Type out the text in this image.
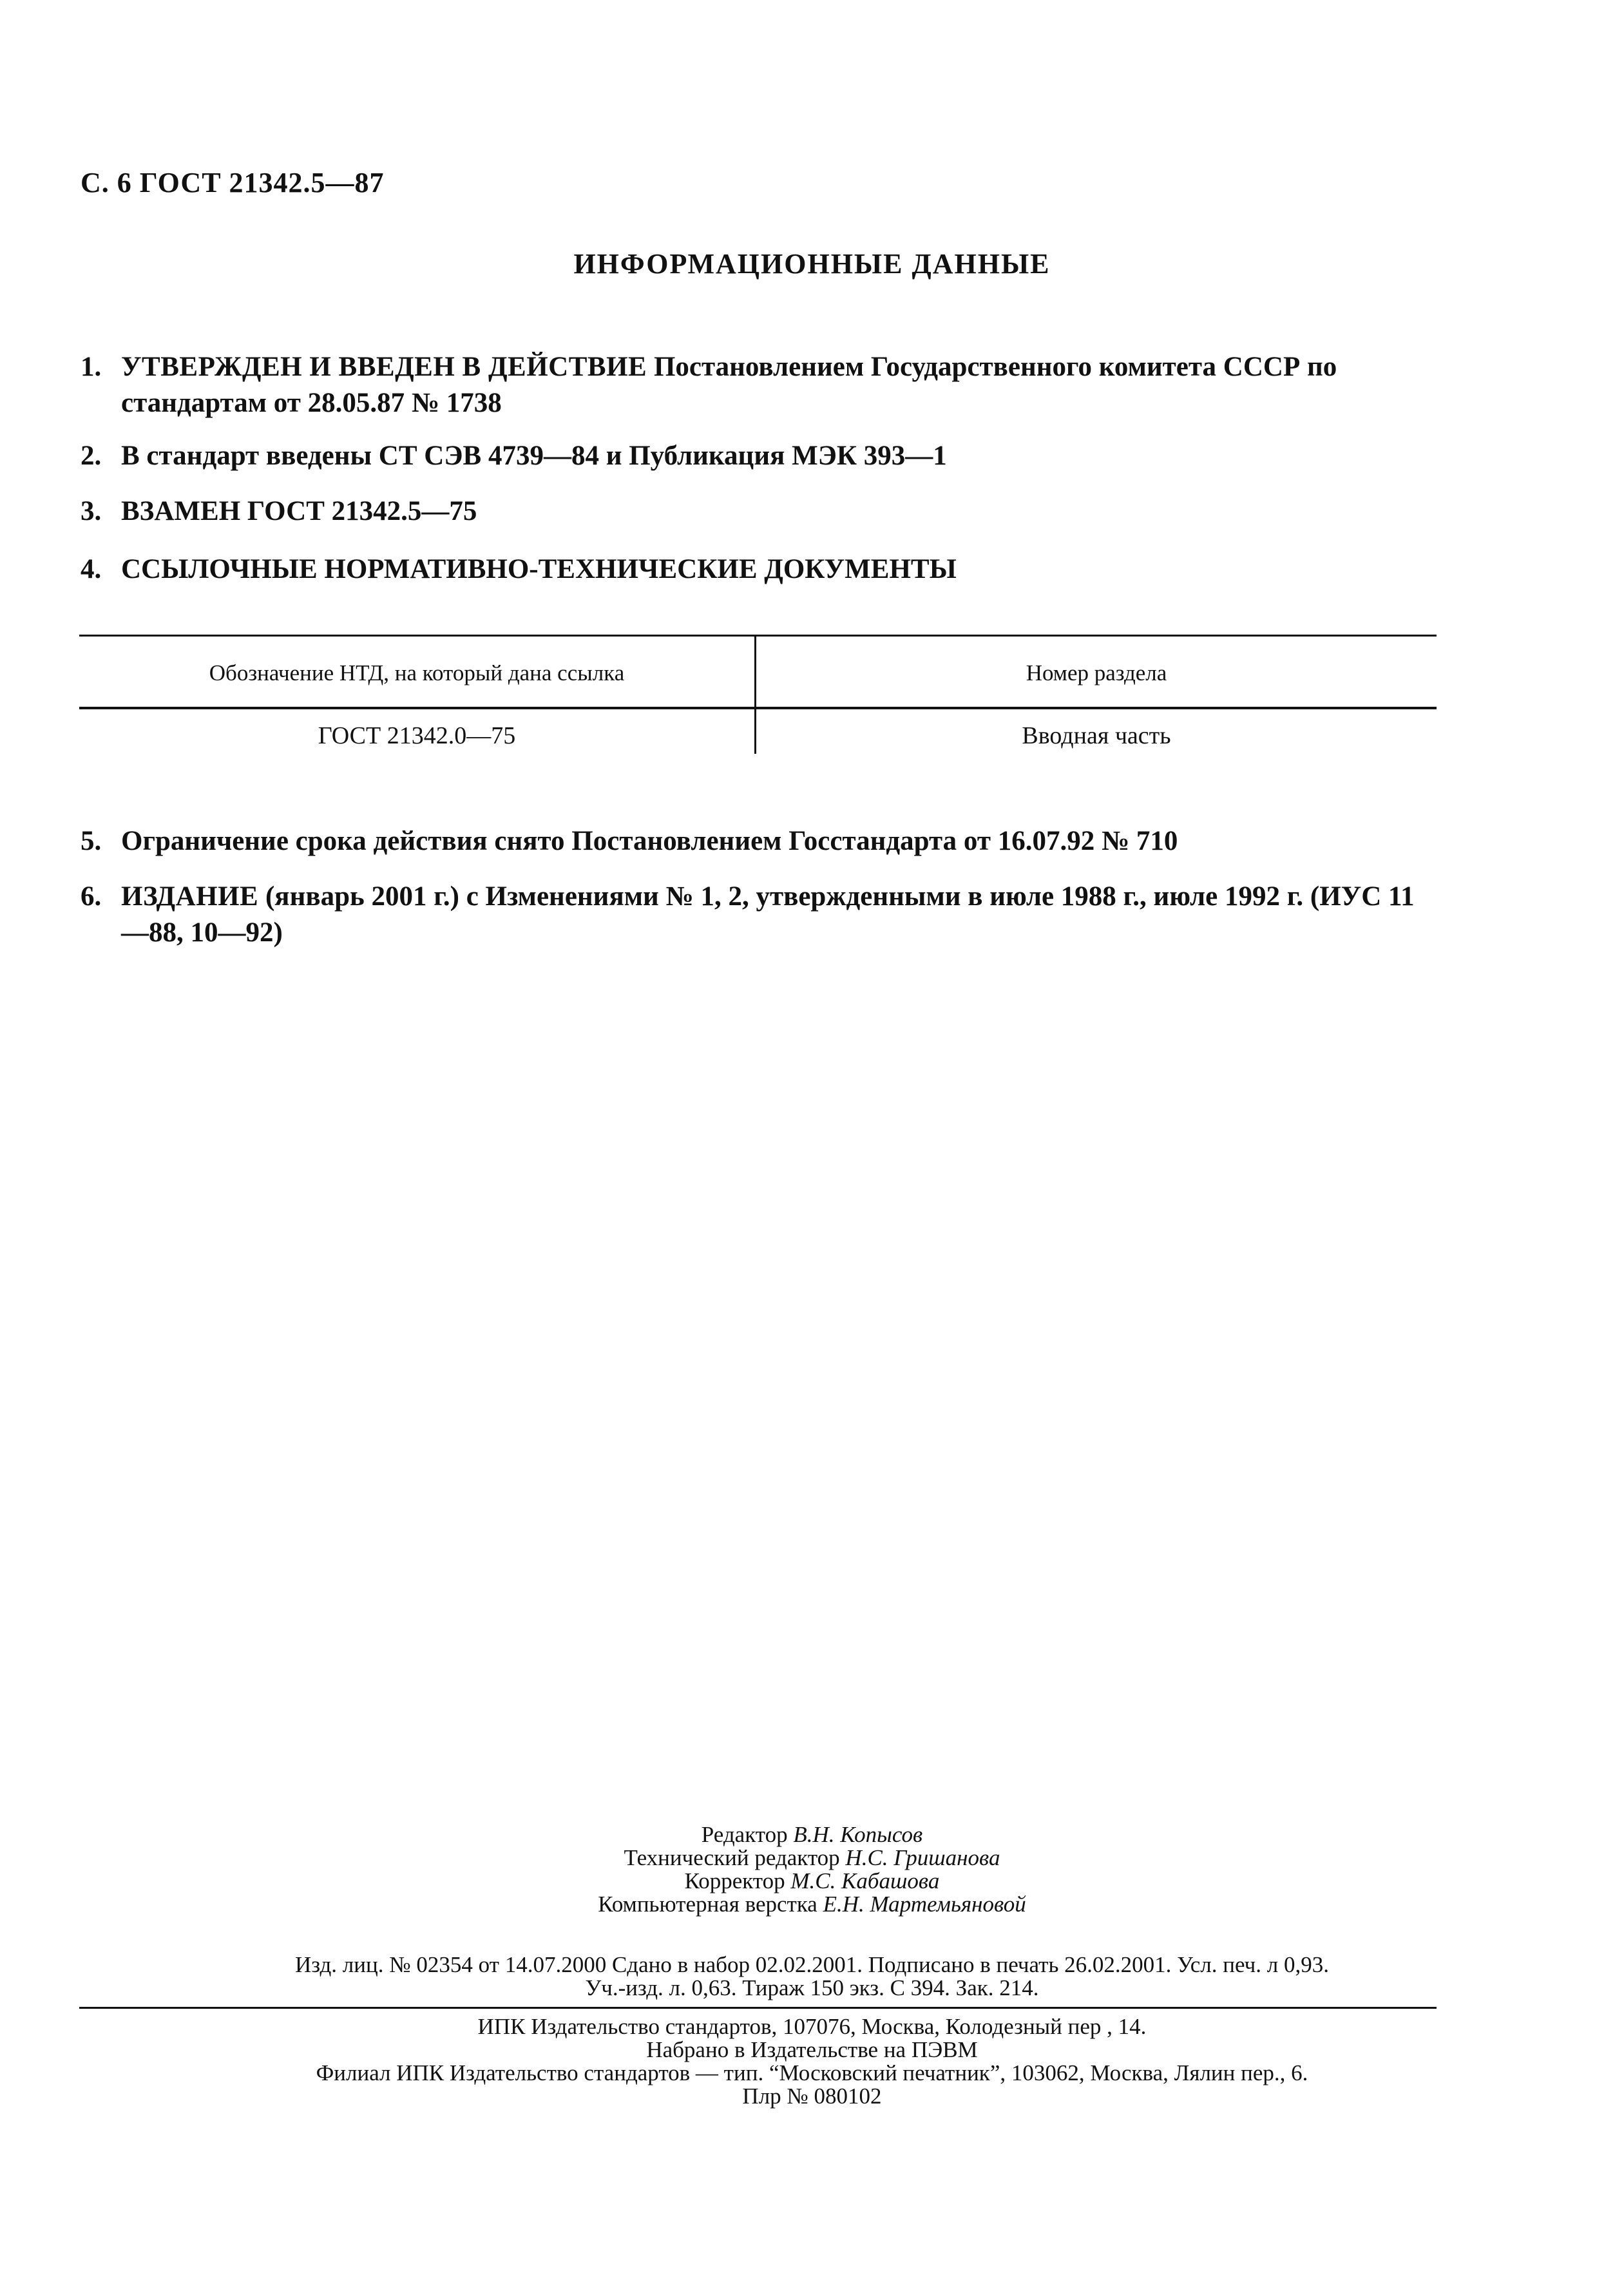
С. 6 ГОСТ 21342.5—87
ИНФОРМАЦИОННЫЕ ДАННЫЕ
1. УТВЕРЖДЕН И ВВЕДЕН В ДЕЙСТВИЕ Постановлением Государственного комитета СССР по стандартам от 28.05.87 № 1738
2. В стандарт введены СТ СЭВ 4739—84 и Публикация МЭК 393—1
3. ВЗАМЕН ГОСТ 21342.5—75
4. ССЫЛОЧНЫЕ НОРМАТИВНО-ТЕХНИЧЕСКИЕ ДОКУМЕНТЫ
Обозначение НТД, на который дана ссылка	Номер раздела
ГОСТ 21342.0—75	Вводная часть
5. Ограничение срока действия снято Постановлением Госстандарта от 16.07.92 № 710
6. ИЗДАНИЕ (январь 2001 г.) с Изменениями № 1, 2, утвержденными в июле 1988 г., июле 1992 г. (ИУС 11—88, 10—92)
Редактор В.Н. Копысов
Технический редактор Н.С. Гришанова
Корректор М.С. Кабашова
Компьютерная верстка Е.Н. Мартемьяновой
Изд. лиц. № 02354 от 14.07.2000 Сдано в набор 02.02.2001. Подписано в печать 26.02.2001. Усл. печ. л 0,93.
Уч.-изд. л. 0,63. Тираж 150 экз. С 394. Зак. 214.
ИПК Издательство стандартов, 107076, Москва, Колодезный пер , 14.
Набрано в Издательстве на ПЭВМ
Филиал ИПК Издательство стандартов — тип. “Московский печатник”, 103062, Москва, Лялин пер., 6.
Плр № 080102
